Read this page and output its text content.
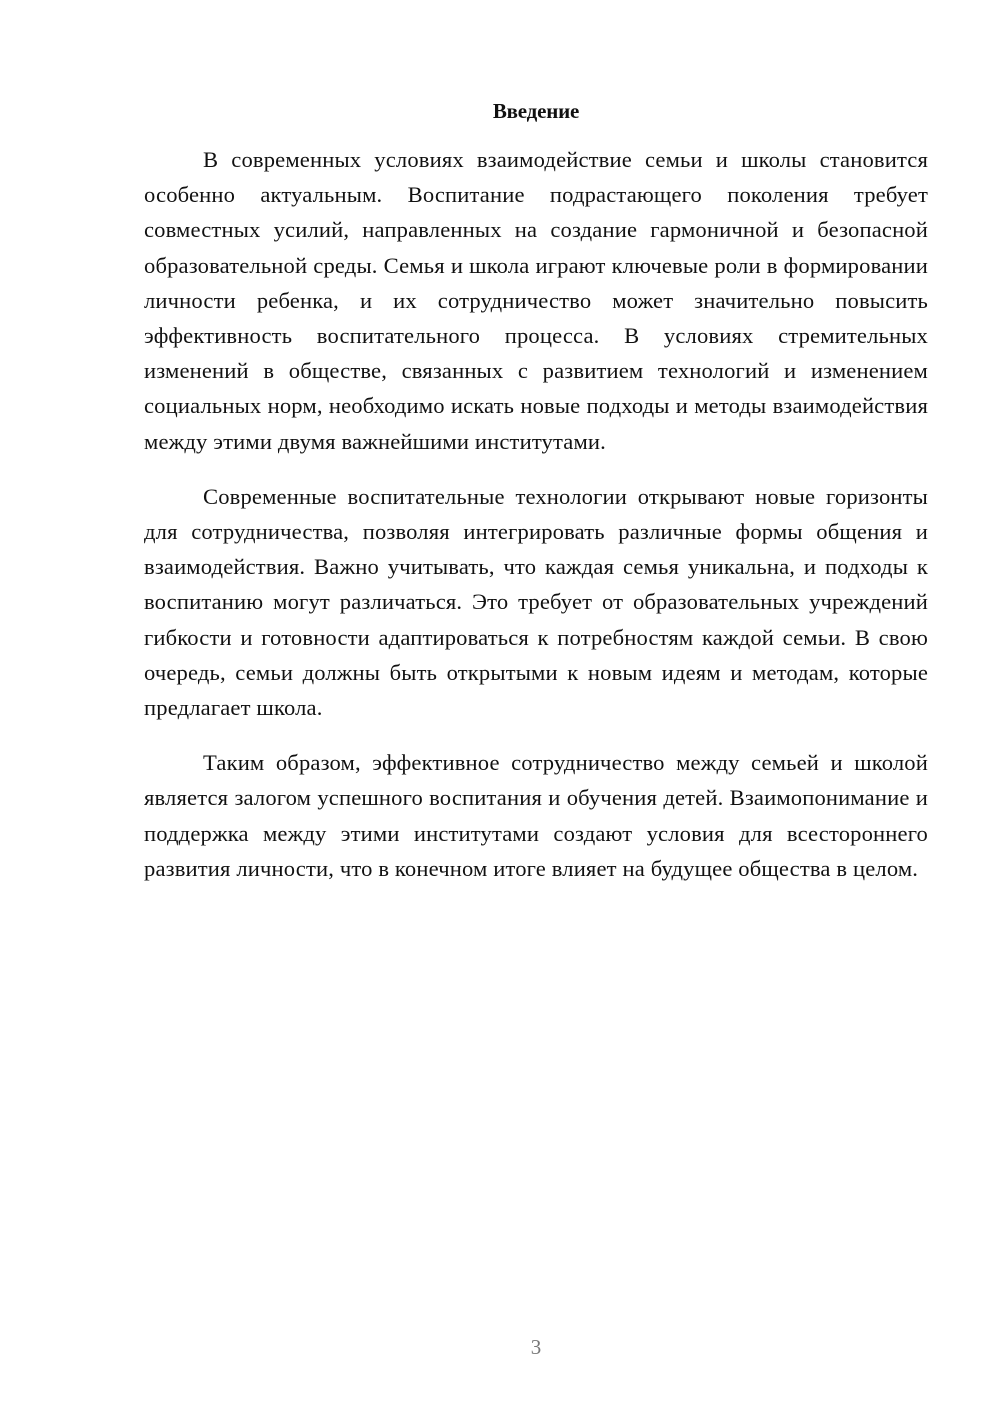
Введение

В современных условиях взаимодействие семьи и школы становится особенно актуальным. Воспитание подрастающего поколения требует совместных усилий, направленных на создание гармоничной и безопасной образовательной среды. Семья и школа играют ключевые роли в формировании личности ребенка, и их сотрудничество может значительно повысить эффективность воспитательного процесса. В условиях стремительных изменений в обществе, связанных с развитием технологий и изменением социальных норм, необходимо искать новые подходы и методы взаимодействия между этими двумя важнейшими институтами.

Современные воспитательные технологии открывают новые горизонты для сотрудничества, позволяя интегрировать различные формы общения и взаимодействия. Важно учитывать, что каждая семья уникальна, и подходы к воспитанию могут различаться. Это требует от образовательных учреждений гибкости и готовности адаптироваться к потребностям каждой семьи. В свою очередь, семьи должны быть открытыми к новым идеям и методам, которые предлагает школа.

Таким образом, эффективное сотрудничество между семьей и школой является залогом успешного воспитания и обучения детей. Взаимопонимание и поддержка между этими институтами создают условия для всестороннего развития личности, что в конечном итоге влияет на будущее общества в целом.

3
